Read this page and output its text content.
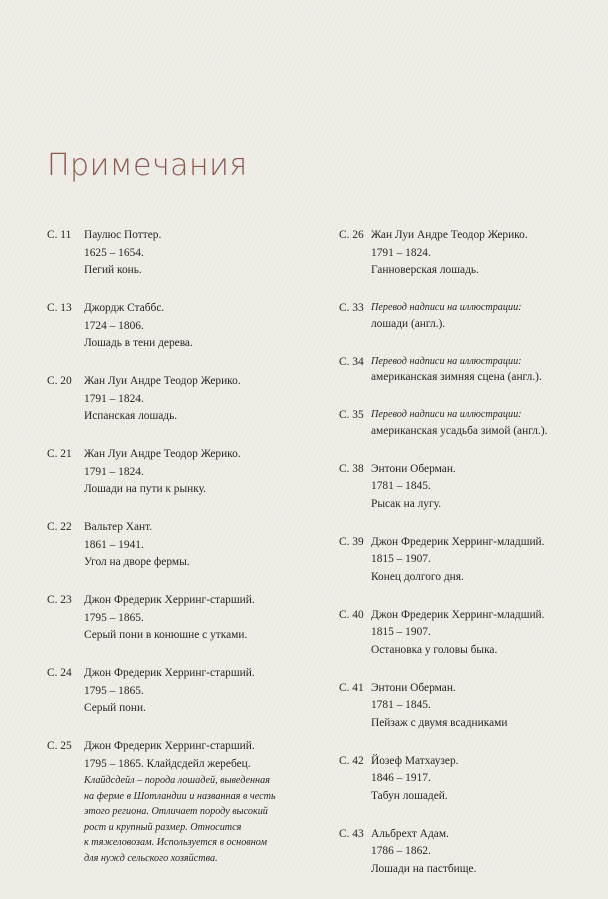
Примечания
С. 11 Паулюс Поттер.
1625 – 1654.
Пегий конь.
С. 13 Джордж Стаббс.
1724 – 1806.
Лошадь в тени дерева.
С. 20 Жан Луи Андре Теодор Жерико.
1791 – 1824.
Испанская лошадь.
С. 21 Жан Луи Андре Теодор Жерико.
1791 – 1824.
Лошади на пути к рынку.
С. 22 Вальтер Хант.
1861 – 1941.
Угол на дворе фермы.
С. 23 Джон Фредерик Херринг-старший.
1795 – 1865.
Серый пони в конюшне с утками.
С. 24 Джон Фредерик Херринг-старший.
1795 – 1865.
Серый пони.
С. 25 Джон Фредерик Херринг-старший.
1795 – 1865. Клайдсдейл жеребец.
Клайдсдейл – порода лошадей, выведенная
на ферме в Шотландии и названная в честь
этого региона. Отличает породу высокий
рост и крупный размер. Относится
к тяжеловозам. Используется в основном
для нужд сельского хозяйства.
С. 26 Жан Луи Андре Теодор Жерико.
1791 – 1824.
Ганноверская лошадь.
С. 33 Перевод надписи на иллюстрации:
лошади (англ.).
С. 34 Перевод надписи на иллюстрации:
американская зимняя сцена (англ.).
С. 35 Перевод надписи на иллюстрации:
американская усадьба зимой (англ.).
С. 38 Энтони Оберман.
1781 – 1845.
Рысак на лугу.
С. 39 Джон Фредерик Херринг-младший.
1815 – 1907.
Конец долгого дня.
С. 40 Джон Фредерик Херринг-младший.
1815 – 1907.
Остановка у головы быка.
С. 41 Энтони Оберман.
1781 – 1845.
Пейзаж с двумя всадниками
С. 42 Йозеф Матхаузер.
1846 – 1917.
Табун лошадей.
С. 43 Альбрехт Адам.
1786 – 1862.
Лошади на пастбище.
